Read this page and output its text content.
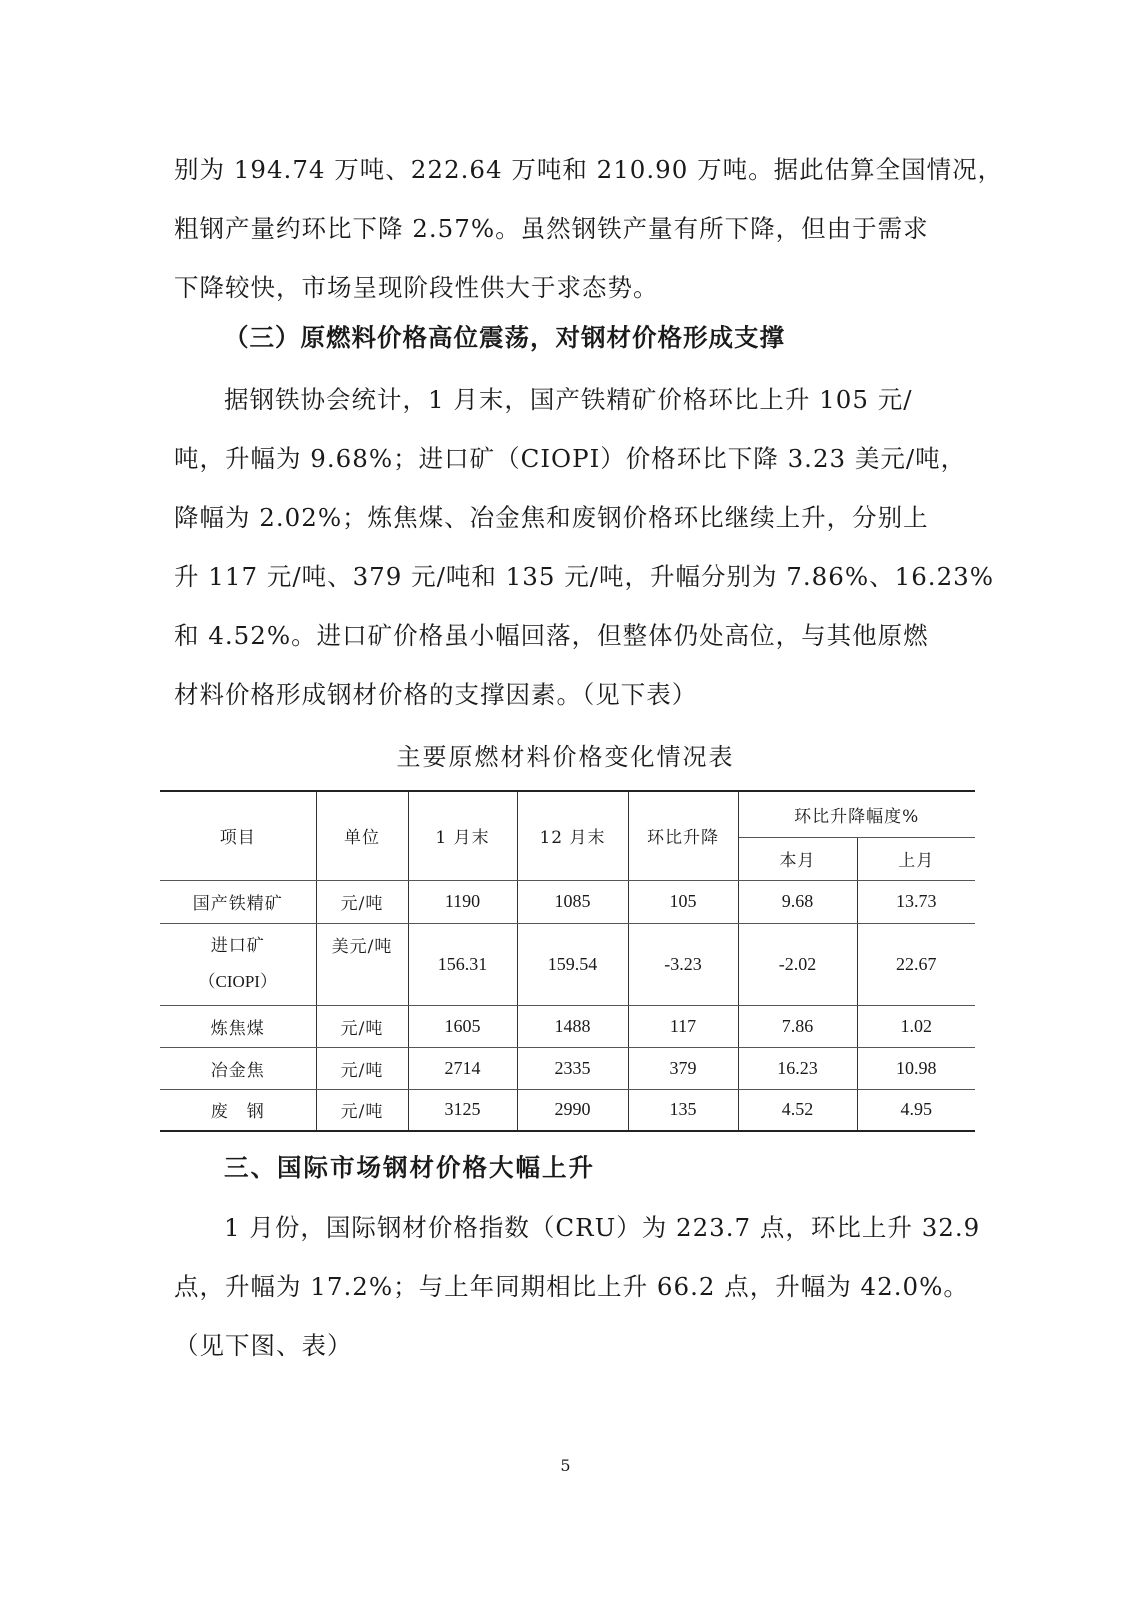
别为 194.74 万吨、222.64 万吨和 210.90 万吨。据此估算全国情况，
粗钢产量约环比下降 2.57%。虽然钢铁产量有所下降，但由于需求
下降较快，市场呈现阶段性供大于求态势。

（三）原燃料价格高位震荡，对钢材价格形成支撑

据钢铁协会统计，1 月末，国产铁精矿价格环比上升 105 元/
吨，升幅为 9.68%；进口矿（CIOPI）价格环比下降 3.23 美元/吨，
降幅为 2.02%；炼焦煤、冶金焦和废钢价格环比继续上升，分别上
升 117 元/吨、379 元/吨和 135 元/吨，升幅分别为 7.86%、16.23%
和 4.52%。进口矿价格虽小幅回落，但整体仍处高位，与其他原燃
材料价格形成钢材价格的支撑因素。（见下表）

主要原燃材料价格变化情况表

项目	单位	1 月末	12 月末	环比升降	环比升降幅度%	
					本月	上月
国产铁精矿	元/吨	1190	1085	105	9.68	13.73

进口矿
（CIOPI）	美元/吨	156.31	159.54	-3.23	-2.02	22.67
炼焦煤	元/吨	1605	1488	117	7.86	1.02
冶金焦	元/吨	2714	2335	379	16.23	10.98
废　钢	元/吨	3125	2990	135	4.52	4.95
三、国际市场钢材价格大幅上升

1 月份，国际钢材价格指数（CRU）为 223.7 点，环比上升 32.9
点，升幅为 17.2%；与上年同期相比上升 66.2 点，升幅为 42.0%。
（见下图、表）

5
